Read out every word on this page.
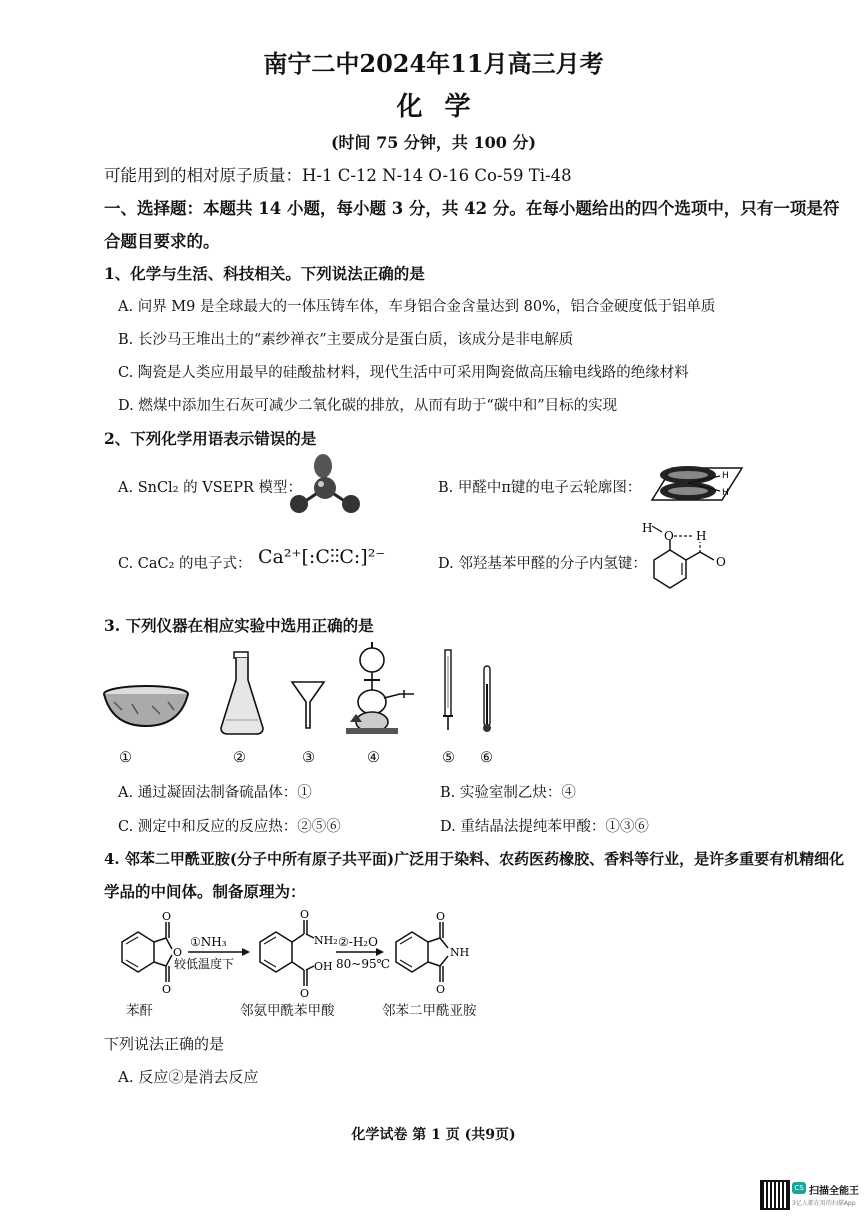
南宁二中2024年11月高三月考
化学
(时间 75 分钟，共 100 分)
可能用到的相对原子质量：H-1 C-12 N-14 O-16 Co-59 Ti-48
一、选择题：本题共 14 小题，每小题 3 分，共 42 分。在每小题给出的四个选项中，只有一项是符
合题目要求的。
1、化学与生活、科技相关。下列说法正确的是
A. 问界 M9 是全球最大的一体压铸车体，车身铝合金含量达到 80%，铝合金硬度低于铝单质
B. 长沙马王堆出土的“素纱禅衣”主要成分是蛋白质，该成分是非电解质
C. 陶瓷是人类应用最早的硅酸盐材料，现代生活中可采用陶瓷做高压输电线路的绝缘材料
D. 燃煤中添加生石灰可减少二氧化碳的排放，从而有助于“碳中和”目标的实现
2、下列化学用语表示错误的是
A. SnCl₂ 的 VSEPR 模型：	B. 甲醛中π键的电子云轮廓图：
H
H
C. CaC₂ 的电子式： Ca²⁺[:C⫶⫶C:]²⁻	D. 邻羟基苯甲醛的分子内氢键：
H
O H
O
3. 下列仪器在相应实验中选用正确的是
①	②	③	④	⑤ ⑥
A. 通过凝固法制备硫晶体：①	B. 实验室制乙炔：④
C. 测定中和反应的反应热：②⑤⑥	D. 重结晶法提纯苯甲酸：①③⑥
4. 邻苯二甲酰亚胺(分子中所有原子共平面)广泛用于染料、农药医药橡胶、香料等行业，是许多重要有机精细化
学品的中间体。制备原理为：
O
O
O
①NH₃
较低温度下
O
NH₂
OH
O
②-H₂O
80~95℃
O
NH
O
苯酐	邻氨甲酰苯甲酸	邻苯二甲酰亚胺
下列说法正确的是
A. 反应②是消去反应
化学试卷 第 1 页 (共9页)
CS 扫描全能王
3亿人都在用的扫描App
